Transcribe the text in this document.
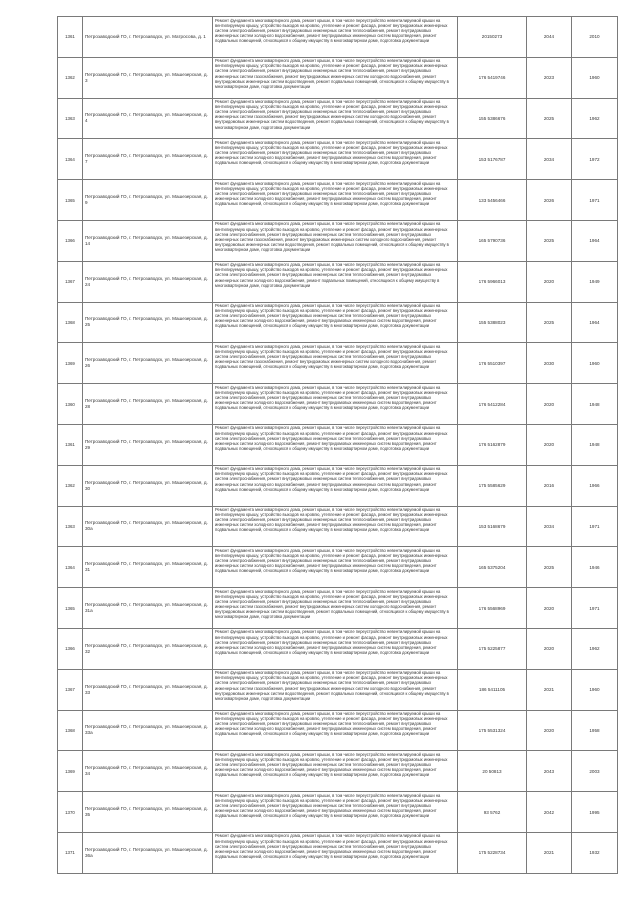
1361	Петрозаводский ГО, г. Петрозаводск, ул. Матросова, д. 1	Ремонт фундамента многоквартирного дома, ремонт крыши, в том числе переустройство невентилируемой крыши на вентилируемую крышу, устройство выходов на кровлю, утепление и ремонт фасада, ремонт внутридомовых инженерных систем электроснабжения, ремонт внутридомовых инженерных систем теплоснабжения, ремонт внутридомовых инженерных систем холодного водоснабжения, ремонт внутридомовых инженерных систем водоотведения, ремонт подвальных помещений, относящихся к общему имуществу в многоквартирном доме, подготовка документации	20150273	2044	2010
1362	Петрозаводский ГО, г. Петрозаводск, ул. Машезерская, д. 3	Ремонт фундамента многоквартирного дома, ремонт крыши, в том числе переустройство невентилируемой крыши на вентилируемую крышу, устройство выходов на кровлю, утепление и ремонт фасада, ремонт внутридомовых инженерных систем электроснабжения, ремонт внутридомовых инженерных систем теплоснабжения, ремонт внутридомовых инженерных систем газоснабжения, ремонт внутридомовых инженерных систем холодного водоснабжения, ремонт внутридомовых инженерных систем водоотведения, ремонт подвальных помещений, относящихся к общему имуществу в многоквартирном доме, подготовка документации	176 5419746	2023	1960
1363	Петрозаводский ГО, г. Петрозаводск, ул. Машезерская, д. 4	Ремонт фундамента многоквартирного дома, ремонт крыши, в том числе переустройство невентилируемой крыши на вентилируемую крышу, устройство выходов на кровлю, утепление и ремонт фасада, ремонт внутридомовых инженерных систем электроснабжения, ремонт внутридомовых инженерных систем теплоснабжения, ремонт внутридомовых инженерных систем газоснабжения, ремонт внутридомовых инженерных систем холодного водоснабжения, ремонт внутридомовых инженерных систем водоотведения, ремонт подвальных помещений, относящихся к общему имуществу в многоквартирном доме, подготовка документации	155 5386676	2025	1962
1364	Петрозаводский ГО, г. Петрозаводск, ул. Машезерская, д. 7	Ремонт фундамента многоквартирного дома, ремонт крыши, в том числе переустройство невентилируемой крыши на вентилируемую крышу, устройство выходов на кровлю, утепление и ремонт фасада, ремонт внутридомовых инженерных систем электроснабжения, ремонт внутридомовых инженерных систем теплоснабжения, ремонт внутридомовых инженерных систем холодного водоснабжения, ремонт внутридомовых инженерных систем водоотведения, ремонт подвальных помещений, относящихся к общему имуществу в многоквартирном доме, подготовка документации	153 5176787	2034	1972
1365	Петрозаводский ГО, г. Петрозаводск, ул. Машезерская, д. 9	Ремонт фундамента многоквартирного дома, ремонт крыши, в том числе переустройство невентилируемой крыши на вентилируемую крышу, устройство выходов на кровлю, утепление и ремонт фасада, ремонт внутридомовых инженерных систем электроснабжения, ремонт внутридомовых инженерных систем теплоснабжения, ремонт внутридомовых инженерных систем холодного водоснабжения, ремонт внутридомовых инженерных систем водоотведения, ремонт подвальных помещений, относящихся к общему имуществу в многоквартирном доме, подготовка документации	133 5456466	2026	1971
1366	Петрозаводский ГО, г. Петрозаводск, ул. Машезерская, д. 14	Ремонт фундамента многоквартирного дома, ремонт крыши, в том числе переустройство невентилируемой крыши на вентилируемую крышу, устройство выходов на кровлю, утепление и ремонт фасада, ремонт внутридомовых инженерных систем электроснабжения, ремонт внутридомовых инженерных систем теплоснабжения, ремонт внутридомовых инженерных систем газоснабжения, ремонт внутридомовых инженерных систем холодного водоснабжения, ремонт внутридомовых инженерных систем водоотведения, ремонт подвальных помещений, относящихся к общему имуществу в многоквартирном доме, подготовка документации	165 5790736	2025	1964
1367	Петрозаводский ГО, г. Петрозаводск, ул. Машезерская, д. 24	Ремонт фундамента многоквартирного дома, ремонт крыши, в том числе переустройство невентилируемой крыши на вентилируемую крышу, устройство выходов на кровлю, утепление и ремонт фасада, ремонт внутридомовых инженерных систем электроснабжения, ремонт внутридомовых инженерных систем теплоснабжения, ремонт внутридомовых инженерных систем холодного водоснабжения, ремонт подвальных помещений, относящихся к общему имуществу в многоквартирном доме, подготовка документации	176 5966013	2020	1949
1368	Петрозаводский ГО, г. Петрозаводск, ул. Машезерская, д. 25	Ремонт фундамента многоквартирного дома, ремонт крыши, в том числе переустройство невентилируемой крыши на вентилируемую крышу, устройство выходов на кровлю, утепление и ремонт фасада, ремонт внутридомовых инженерных систем электроснабжения, ремонт внутридомовых инженерных систем теплоснабжения, ремонт внутридомовых инженерных систем холодного водоснабжения, ремонт внутридомовых инженерных систем водоотведения, ремонт подвальных помещений, относящихся к общему имуществу в многоквартирном доме, подготовка документации	155 5388023	2025	1964
1369	Петрозаводский ГО, г. Петрозаводск, ул. Машезерская, д. 26	Ремонт фундамента многоквартирного дома, ремонт крыши, в том числе переустройство невентилируемой крыши на вентилируемую крышу, устройство выходов на кровлю, утепление и ремонт фасада, ремонт внутридомовых инженерных систем электроснабжения, ремонт внутридомовых инженерных систем теплоснабжения, ремонт внутридомовых инженерных систем газоснабжения, ремонт внутридомовых инженерных систем холодного водоснабжения, ремонт подвальных помещений, относящихся к общему имуществу в многоквартирном доме, подготовка документации	176 5510397	2030	1960
1360	Петрозаводский ГО, г. Петрозаводск, ул. Машезерская, д. 28	Ремонт фундамента многоквартирного дома, ремонт крыши, в том числе переустройство невентилируемой крыши на вентилируемую крышу, устройство выходов на кровлю, утепление и ремонт фасада, ремонт внутридомовых инженерных систем электроснабжения, ремонт внутридомовых инженерных систем теплоснабжения, ремонт внутридомовых инженерных систем холодного водоснабжения, ремонт внутридомовых инженерных систем водоотведения, ремонт подвальных помещений, относящихся к общему имуществу в многоквартирном доме, подготовка документации	176 5412284	2020	1948
1361	Петрозаводский ГО, г. Петрозаводск, ул. Машезерская, д. 29	Ремонт фундамента многоквартирного дома, ремонт крыши, в том числе переустройство невентилируемой крыши на вентилируемую крышу, устройство выходов на кровлю, утепление и ремонт фасада, ремонт внутридомовых инженерных систем электроснабжения, ремонт внутридомовых инженерных систем теплоснабжения, ремонт внутридомовых инженерных систем холодного водоснабжения, ремонт внутридомовых инженерных систем водоотведения, ремонт подвальных помещений, относящихся к общему имуществу в многоквартирном доме, подготовка документации	176 5162879	2020	1948
1362	Петрозаводский ГО, г. Петрозаводск, ул. Машезерская, д. 30	Ремонт фундамента многоквартирного дома, ремонт крыши, в том числе переустройство невентилируемой крыши на вентилируемую крышу, устройство выходов на кровлю, утепление и ремонт фасада, ремонт внутридомовых инженерных систем электроснабжения, ремонт внутридомовых инженерных систем теплоснабжения, ремонт внутридомовых инженерных систем холодного водоснабжения, ремонт внутридомовых инженерных систем водоотведения, ремонт подвальных помещений, относящихся к общему имуществу в многоквартирном доме, подготовка документации	175 5585629	2016	1966
1363	Петрозаводский ГО, г. Петрозаводск, ул. Машезерская, д. 30а	Ремонт фундамента многоквартирного дома, ремонт крыши, в том числе переустройство невентилируемой крыши на вентилируемую крышу, устройство выходов на кровлю, утепление и ремонт фасада, ремонт внутридомовых инженерных систем электроснабжения, ремонт внутридомовых инженерных систем теплоснабжения, ремонт внутридомовых инженерных систем холодного водоснабжения, ремонт внутридомовых инженерных систем водоотведения, ремонт подвальных помещений, относящихся к общему имуществу в многоквартирном доме, подготовка документации	153 5168679	2034	1971
1364	Петрозаводский ГО, г. Петрозаводск, ул. Машезерская, д. 31	Ремонт фундамента многоквартирного дома, ремонт крыши, в том числе переустройство невентилируемой крыши на вентилируемую крышу, устройство выходов на кровлю, утепление и ремонт фасада, ремонт внутридомовых инженерных систем электроснабжения, ремонт внутридомовых инженерных систем теплоснабжения, ремонт внутридомовых инженерных систем холодного водоснабжения, ремонт внутридомовых инженерных систем водоотведения, ремонт подвальных помещений, относящихся к общему имуществу в многоквартирном доме, подготовка документации	165 5375204	2025	1946
1365	Петрозаводский ГО, г. Петрозаводск, ул. Машезерская, д. 31а	Ремонт фундамента многоквартирного дома, ремонт крыши, в том числе переустройство невентилируемой крыши на вентилируемую крышу, устройство выходов на кровлю, утепление и ремонт фасада, ремонт внутридомовых инженерных систем электроснабжения, ремонт внутридомовых инженерных систем теплоснабжения, ремонт внутридомовых инженерных систем газоснабжения, ремонт внутридомовых инженерных систем холодного водоснабжения, ремонт внутридомовых инженерных систем водоотведения, ремонт подвальных помещений, относящихся к общему имуществу в многоквартирном доме, подготовка документации	176 5568969	2020	1971
1366	Петрозаводский ГО, г. Петрозаводск, ул. Машезерская, д. 32	Ремонт фундамента многоквартирного дома, ремонт крыши, в том числе переустройство невентилируемой крыши на вентилируемую крышу, устройство выходов на кровлю, утепление и ремонт фасада, ремонт внутридомовых инженерных систем электроснабжения, ремонт внутридомовых инженерных систем теплоснабжения, ремонт внутридомовых инженерных систем холодного водоснабжения, ремонт внутридомовых инженерных систем водоотведения, ремонт подвальных помещений, относящихся к общему имуществу в многоквартирном доме, подготовка документации	175 5225877	2020	1962
1367	Петрозаводский ГО, г. Петрозаводск, ул. Машезерская, д. 33	Ремонт фундамента многоквартирного дома, ремонт крыши, в том числе переустройство невентилируемой крыши на вентилируемую крышу, устройство выходов на кровлю, утепление и ремонт фасада, ремонт внутридомовых инженерных систем электроснабжения, ремонт внутридомовых инженерных систем теплоснабжения, ремонт внутридомовых инженерных систем газоснабжения, ремонт внутридомовых инженерных систем холодного водоснабжения, ремонт внутридомовых инженерных систем водоотведения, ремонт подвальных помещений, относящихся к общему имуществу в многоквартирном доме, подготовка документации	186 5411105	2021	1960
1368	Петрозаводский ГО, г. Петрозаводск, ул. Машезерская, д. 33а	Ремонт фундамента многоквартирного дома, ремонт крыши, в том числе переустройство невентилируемой крыши на вентилируемую крышу, устройство выходов на кровлю, утепление и ремонт фасада, ремонт внутридомовых инженерных систем электроснабжения, ремонт внутридомовых инженерных систем теплоснабжения, ремонт внутридомовых инженерных систем холодного водоснабжения, ремонт внутридомовых инженерных систем водоотведения, ремонт подвальных помещений, относящихся к общему имуществу в многоквартирном доме, подготовка документации	175 5531324	2020	1958
1369	Петрозаводский ГО, г. Петрозаводск, ул. Машезерская, д. 34	Ремонт фундамента многоквартирного дома, ремонт крыши, в том числе переустройство невентилируемой крыши на вентилируемую крышу, устройство выходов на кровлю, утепление и ремонт фасада, ремонт внутридомовых инженерных систем электроснабжения, ремонт внутридомовых инженерных систем теплоснабжения, ремонт внутридомовых инженерных систем холодного водоснабжения, ремонт внутридомовых инженерных систем водоотведения, ремонт подвальных помещений, относящихся к общему имуществу в многоквартирном доме, подготовка документации	20 50813	2043	2003
1370	Петрозаводский ГО, г. Петрозаводск, ул. Машезерская, д. 35	Ремонт фундамента многоквартирного дома, ремонт крыши, в том числе переустройство невентилируемой крыши на вентилируемую крышу, устройство выходов на кровлю, утепление и ремонт фасада, ремонт внутридомовых инженерных систем электроснабжения, ремонт внутридомовых инженерных систем теплоснабжения, ремонт внутридомовых инженерных систем холодного водоснабжения, ремонт внутридомовых инженерных систем водоотведения, ремонт подвальных помещений, относящихся к общему имуществу в многоквартирном доме, подготовка документации	93 5762	2042	1995
1371	Петрозаводский ГО, г. Петрозаводск, ул. Машезерская, д. 36а	Ремонт фундамента многоквартирного дома, ремонт крыши, в том числе переустройство невентилируемой крыши на вентилируемую крышу, устройство выходов на кровлю, утепление и ремонт фасада, ремонт внутридомовых инженерных систем электроснабжения, ремонт внутридомовых инженерных систем теплоснабжения, ремонт внутридомовых инженерных систем холодного водоснабжения, ремонт внутридомовых инженерных систем водоотведения, ремонт подвальных помещений, относящихся к общему имуществу в многоквартирном доме, подготовка документации	175 5228734	2021	1932
